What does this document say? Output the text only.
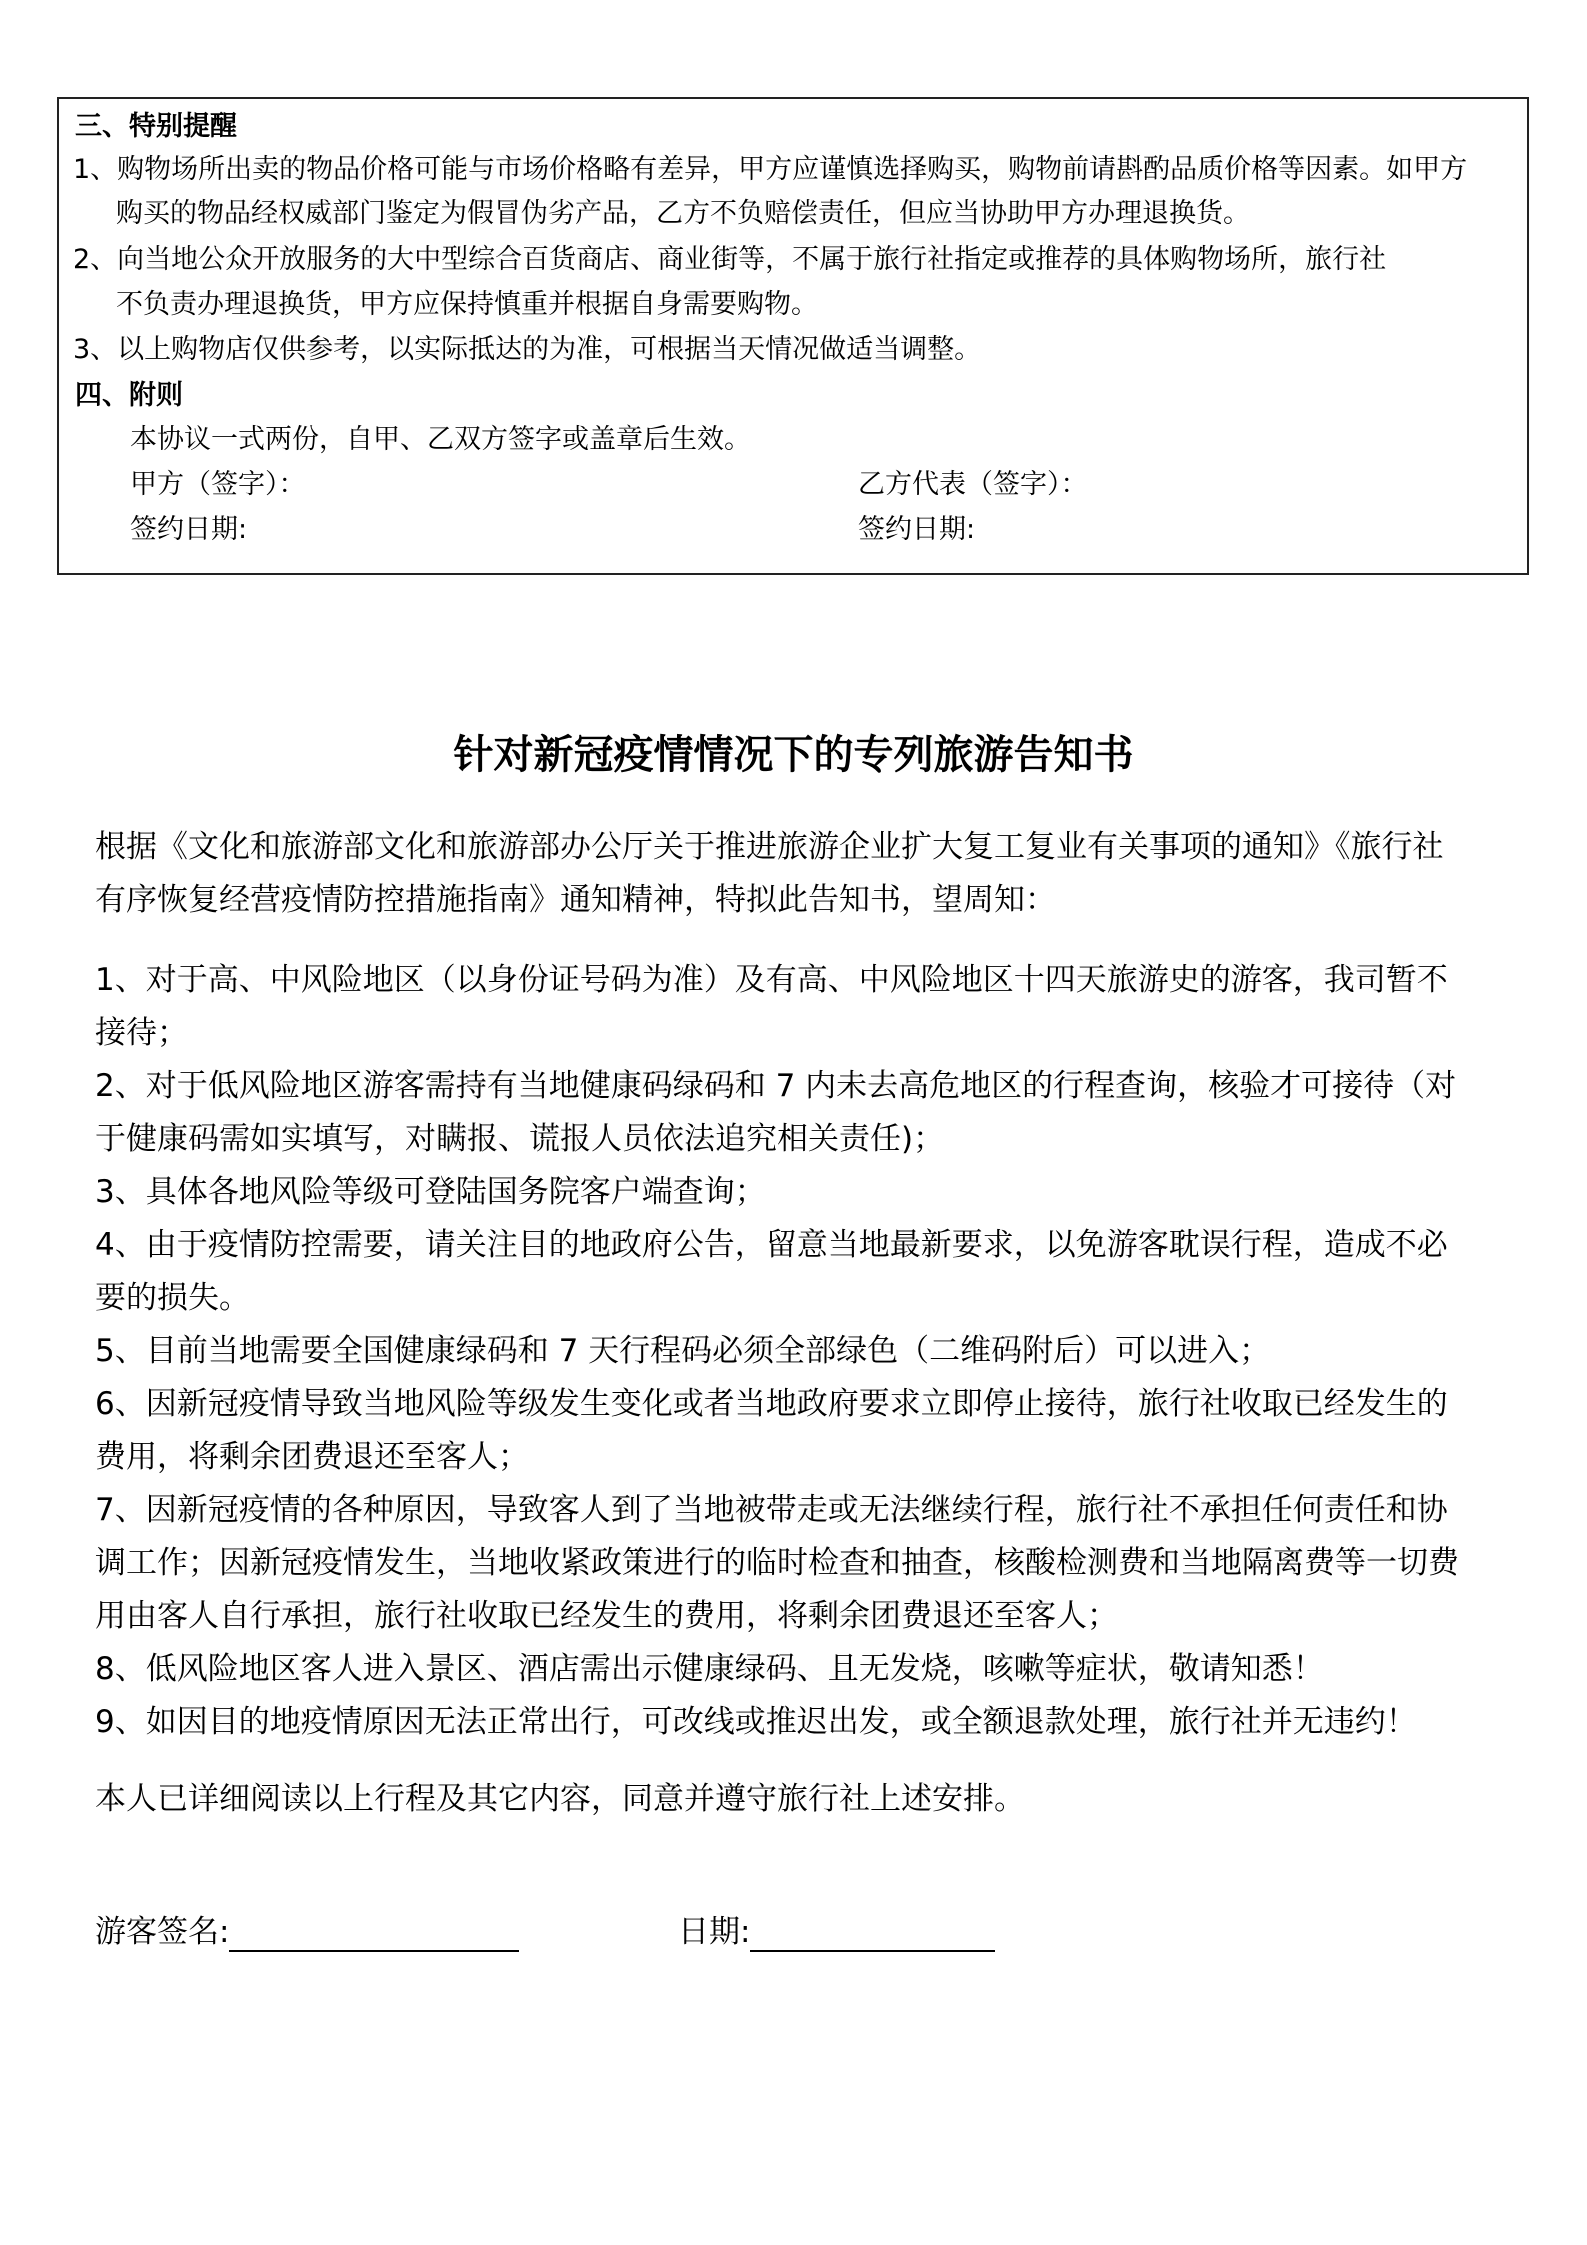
三、特别提醒
1、购物场所出卖的物品价格可能与市场价格略有差异，甲方应谨慎选择购买，购物前请斟酌品质价格等因素。如甲方
购买的物品经权威部门鉴定为假冒伪劣产品，乙方不负赔偿责任，但应当协助甲方办理退换货。
2、向当地公众开放服务的大中型综合百货商店、商业街等，不属于旅行社指定或推荐的具体购物场所，旅行社
不负责办理退换货，甲方应保持慎重并根据自身需要购物。
3、以上购物店仅供参考，以实际抵达的为准，可根据当天情况做适当调整。
四、附则
本协议一式两份，自甲、乙双方签字或盖章后生效。
甲方（签字）：	乙方代表（签字）：
签约日期:	签约日期:
针对新冠疫情情况下的专列旅游告知书
根据《文化和旅游部文化和旅游部办公厅关于推进旅游企业扩大复工复业有关事项的通知》《旅行社
有序恢复经营疫情防控措施指南》通知精神，特拟此告知书，望周知：
1、对于高、中风险地区（以身份证号码为准）及有高、中风险地区十四天旅游史的游客，我司暂不
接待；
2、对于低风险地区游客需持有当地健康码绿码和 7 内未去高危地区的行程查询，核验才可接待（对
于健康码需如实填写，对瞒报、谎报人员依法追究相关责任)；
3、具体各地风险等级可登陆国务院客户端查询；
4、由于疫情防控需要，请关注目的地政府公告，留意当地最新要求，以免游客耽误行程，造成不必
要的损失。
5、目前当地需要全国健康绿码和 7 天行程码必须全部绿色（二维码附后）可以进入；
6、因新冠疫情导致当地风险等级发生变化或者当地政府要求立即停止接待，旅行社收取已经发生的
费用，将剩余团费退还至客人；
7、因新冠疫情的各种原因，导致客人到了当地被带走或无法继续行程，旅行社不承担任何责任和协
调工作；因新冠疫情发生，当地收紧政策进行的临时检查和抽查，核酸检测费和当地隔离费等一切费
用由客人自行承担，旅行社收取已经发生的费用，将剩余团费退还至客人；
8、低风险地区客人进入景区、酒店需出示健康绿码、且无发烧，咳嗽等症状，敬请知悉！
9、如因目的地疫情原因无法正常出行，可改线或推迟出发，或全额退款处理，旅行社并无违约！
本人已详细阅读以上行程及其它内容，同意并遵守旅行社上述安排。
游客签名:	日期:
